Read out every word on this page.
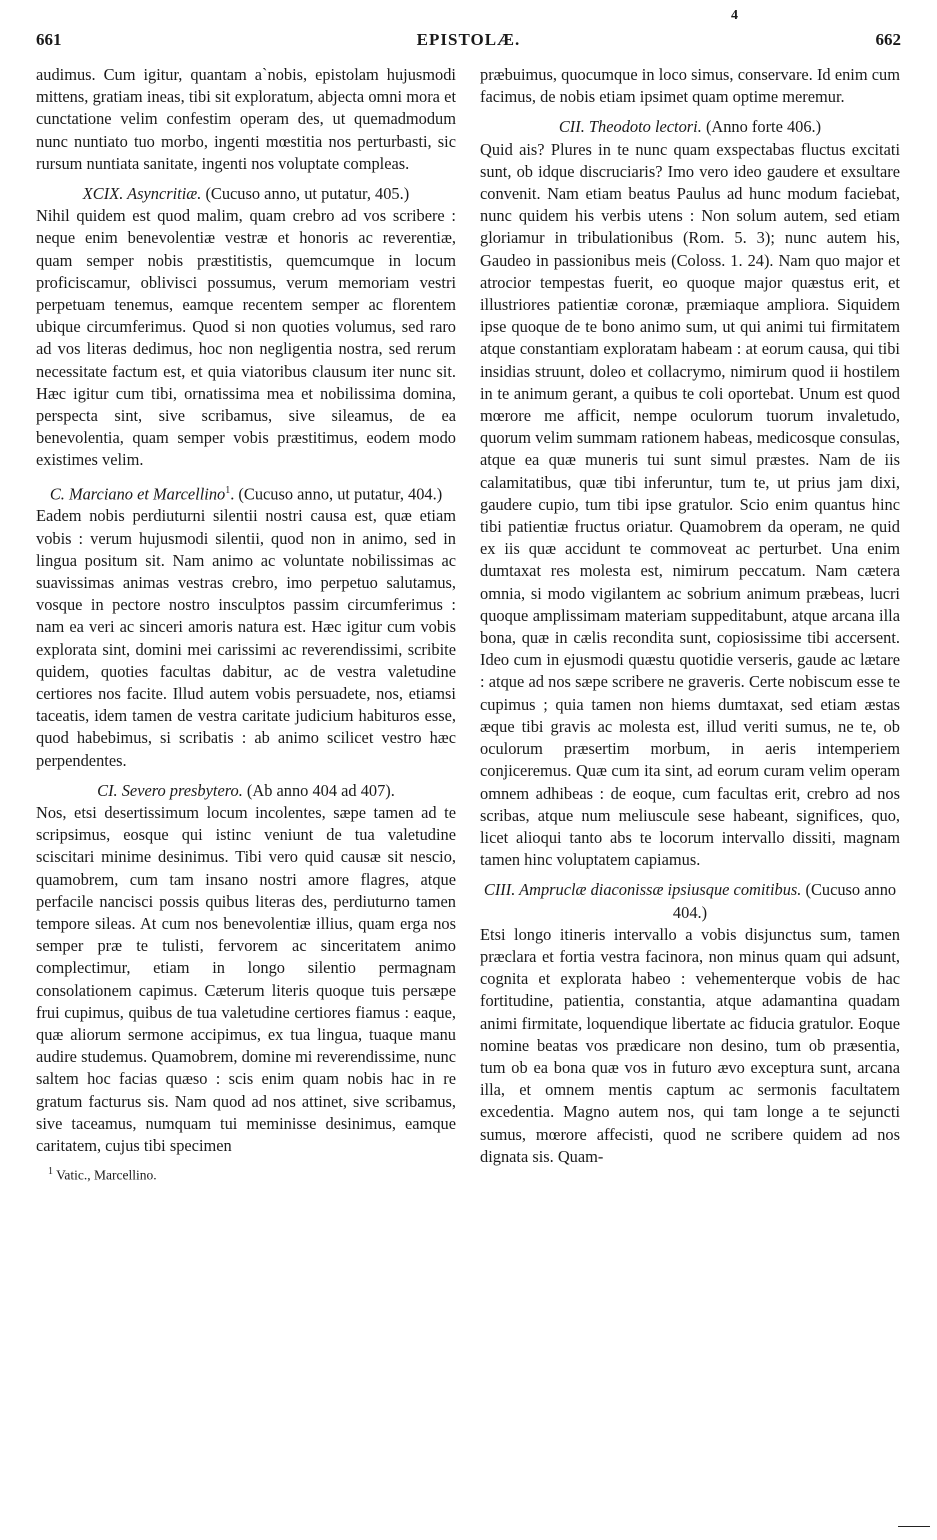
661	EPISTOLÆ.	662
4

audimus. Cum igitur, quantam a`nobis, epistolam hujusmodi mittens, gratiam ineas, tibi sit exploratum, abjecta omni mora et cunctatione velim confestim operam des, ut quemadmodum nunc nuntiato tuo morbo, ingenti mœstitia nos perturbasti, sic rursum nuntiata sanitate, ingenti nos voluptate compleas.

XCIX. Asyncritiæ. (Cucuso anno, ut putatur, 405.)

Nihil quidem est quod malim, quam crebro ad vos scribere : neque enim benevolentiæ vestræ et honoris ac reverentiæ, quam semper nobis præstitistis, quemcumque in locum proficiscamur, oblivisci possumus, verum memoriam vestri perpetuam tenemus, eamque recentem semper ac florentem ubique circumferimus. Quod si non quoties volumus, sed raro ad vos literas dedimus, hoc non negligentia nostra, sed rerum necessitate factum est, et quia viatoribus clausum iter nunc sit. Hæc igitur cum tibi, ornatissima mea et nobilissima domina, perspecta sint, sive scribamus, sive sileamus, de ea benevolentia, quam semper vobis præstitimus, eodem modo existimes velim.

C. Marciano et Marcellino$^1$. (Cucuso anno, ut putatur, 404.)

Eadem nobis perdiuturni silentii nostri causa est, quæ etiam vobis : verum hujusmodi silentii, quod non in animo, sed in lingua positum sit. Nam animo ac voluntate nobilissimas ac suavissimas animas vestras crebro, imo perpetuo salutamus, vosque in pectore nostro insculptos passim circumferimus : nam ea veri ac sinceri amoris natura est. Hæc igitur cum vobis explorata sint, domini mei carissimi ac reverendissimi, scribite quidem, quoties facultas dabitur, ac de vestra valetudine certiores nos facite. Illud autem vobis persuadete, nos, etiamsi taceatis, idem tamen de vestra caritate judicium habituros esse, quod habebimus, si scribatis : ab animo scilicet vestro hæc perpendentes.

CI. Severo presbytero. (Ab anno 404 ad 407).

Nos, etsi desertissimum locum incolentes, sæpe tamen ad te scripsimus, eosque qui istinc veniunt de tua valetudine sciscitari minime desinimus. Tibi vero quid causæ sit nescio, quamobrem, cum tam insano nostri amore flagres, atque perfacile nancisci possis quibus literas des, perdiuturno tamen tempore sileas. At cum nos benevolentiæ illius, quam erga nos semper præ te tulisti, fervorem ac sinceritatem animo complectimur, etiam in longo silentio permagnam consolationem capimus. Cæterum literis quoque tuis persæpe frui cupimus, quibus de tua valetudine certiores fiamus : eaque, quæ aliorum sermone accipimus, ex tua lingua, tuaque manu audire studemus. Quamobrem, domine mi reverendissime, nunc saltem hoc facias quæso : scis enim quam nobis hac in re gratum facturus sis. Nam quod ad nos attinet, sive scribamus, sive taceamus, numquam tui meminisse desinimus, eamque caritatem, cujus tibi specimen

$^1$ Vatic., Marcellino.

præbuimus, quocumque in loco simus, conservare. Id enim cum facimus, de nobis etiam ipsimet quam optime meremur.

CII. Theodoto lectori. (Anno forte 406.)

Quid ais? Plures in te nunc quam exspectabas fluctus excitati sunt, ob idque discruciaris? Imo vero ideo gaudere et exsultare convenit. Nam etiam beatus Paulus ad hunc modum faciebat, nunc quidem his verbis utens : Non solum autem, sed etiam gloriamur in tribulationibus (Rom. 5. 3); nunc autem his, Gaudeo in passionibus meis (Coloss. 1. 24). Nam quo major et atrocior tempestas fuerit, eo quoque major quæstus erit, et illustriores patientiæ coronæ, præmiaque ampliora. Siquidem ipse quoque de te bono animo sum, ut qui animi tui firmitatem atque constantiam exploratam habeam : at eorum causa, qui tibi insidias struunt, doleo et collacrymo, nimirum quod ii hostilem in te animum gerant, a quibus te coli oportebat. Unum est quod mœrore me afficit, nempe oculorum tuorum invaletudo, quorum velim summam rationem habeas, medicosque consulas, atque ea quæ muneris tui sunt simul præstes. Nam de iis calamitatibus, quæ tibi inferuntur, tum te, ut prius jam dixi, gaudere cupio, tum tibi ipse gratulor. Scio enim quantus hinc tibi patientiæ fructus oriatur. Quamobrem da operam, ne quid ex iis quæ accidunt te commoveat ac perturbet. Una enim dumtaxat res molesta est, nimirum peccatum. Nam cætera omnia, si modo vigilantem ac sobrium animum præbeas, lucri quoque amplissimam materiam suppeditabunt, atque arcana illa bona, quæ in cælis recondita sunt, copiosissime tibi accersent. Ideo cum in ejusmodi quæstu quotidie verseris, gaude ac lætare : atque ad nos sæpe scribere ne graveris. Certe nobiscum esse te cupimus ; quia tamen non hiems dumtaxat, sed etiam æstas æque tibi gravis ac molesta est, illud veriti sumus, ne te, ob oculorum præsertim morbum, in aeris intemperiem conjiceremus. Quæ cum ita sint, ad eorum curam velim operam omnem adhibeas : de eoque, cum facultas erit, crebro ad nos scribas, atque num meliuscule sese habeant, significes, quo, licet alioqui tanto abs te locorum intervallo dissiti, magnam tamen hinc voluptatem capiamus.

CIII. Ampruclæ diaconissæ ipsiusque comitibus. (Cucuso anno 404.)

Etsi longo itineris intervallo a vobis disjunctus sum, tamen præclara et fortia vestra facinora, non minus quam qui adsunt, cognita et explorata habeo : vehementerque vobis de hac fortitudine, patientia, constantia, atque adamantina quadam animi firmitate, loquendique libertate ac fiducia gratulor. Eoque nomine beatas vos prædicare non desino, tum ob præsentia, tum ob ea bona quæ vos in futuro ævo exceptura sunt, arcana illa, et omnem mentis captum ac sermonis facultatem excedentia. Magno autem nos, qui tam longe a te sejuncti sumus, mœrore affecisti, quod ne scribere quidem ad nos dignata sis. Quam-
